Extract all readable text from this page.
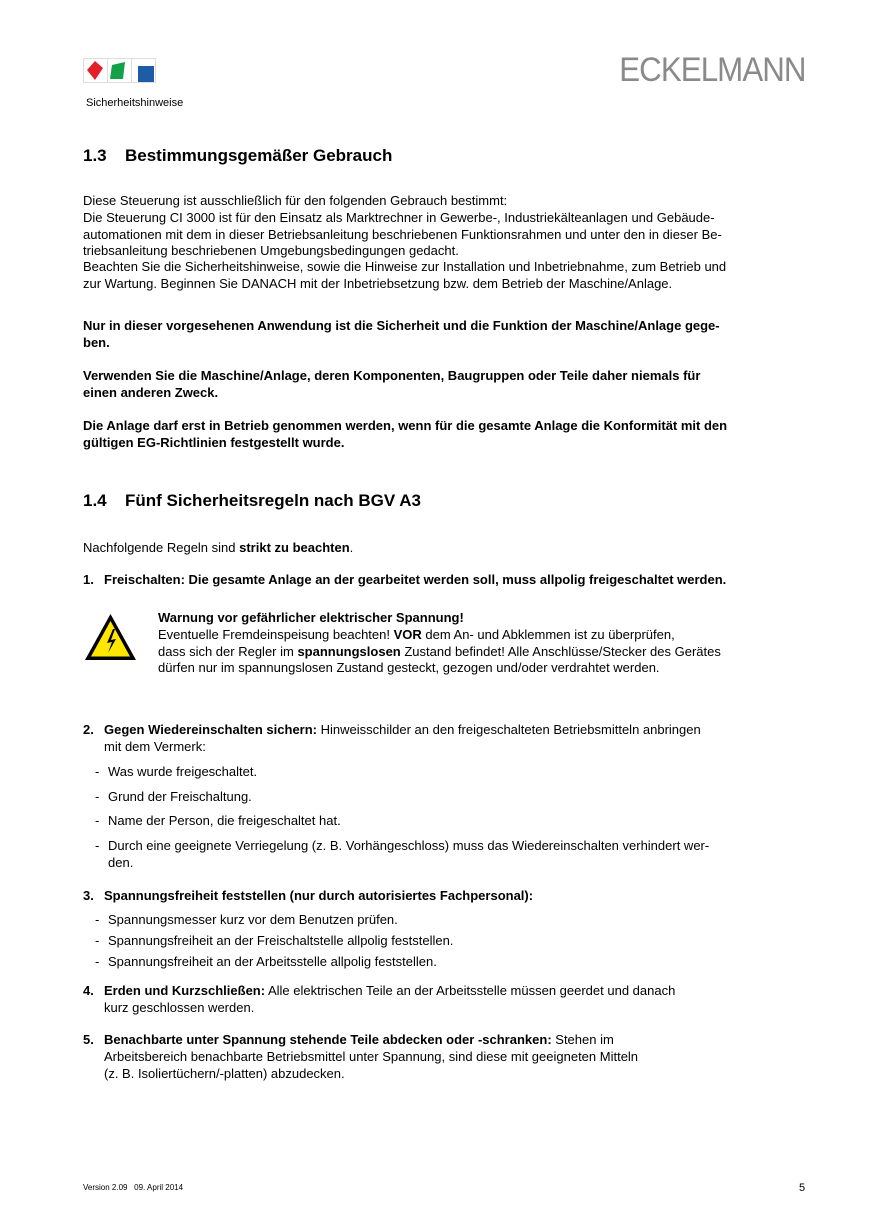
ECKELMANN
Sicherheitshinweise
1.3 Bestimmungsgemäßer Gebrauch
Diese Steuerung ist ausschließlich für den folgenden Gebrauch bestimmt:
Die Steuerung CI 3000 ist für den Einsatz als Marktrechner in Gewerbe-, Industriekälteanlagen und Gebäude-
automationen mit dem in dieser Betriebsanleitung beschriebenen Funktionsrahmen und unter den in dieser Be-
triebsanleitung beschriebenen Umgebungsbedingungen gedacht.
Beachten Sie die Sicherheitshinweise, sowie die Hinweise zur Installation und Inbetriebnahme, zum Betrieb und
zur Wartung. Beginnen Sie DANACH mit der Inbetriebsetzung bzw. dem Betrieb der Maschine/Anlage.
Nur in dieser vorgesehenen Anwendung ist die Sicherheit und die Funktion der Maschine/Anlage gege-
ben.
Verwenden Sie die Maschine/Anlage, deren Komponenten, Baugruppen oder Teile daher niemals für
einen anderen Zweck.
Die Anlage darf erst in Betrieb genommen werden, wenn für die gesamte Anlage die Konformität mit den
gültigen EG-Richtlinien festgestellt wurde.
1.4 Fünf Sicherheitsregeln nach BGV A3
Nachfolgende Regeln sind strikt zu beachten.
1. Freischalten: Die gesamte Anlage an der gearbeitet werden soll, muss allpolig freigeschaltet werden.
Warnung vor gefährlicher elektrischer Spannung!
Eventuelle Fremdeinspeisung beachten! VOR dem An- und Abklemmen ist zu überprüfen,
dass sich der Regler im spannungslosen Zustand befindet! Alle Anschlüsse/Stecker des Gerätes
dürfen nur im spannungslosen Zustand gesteckt, gezogen und/oder verdrahtet werden.
2. Gegen Wiedereinschalten sichern: Hinweisschilder an den freigeschalteten Betriebsmitteln anbringen
mit dem Vermerk:
- Was wurde freigeschaltet.
- Grund der Freischaltung.
- Name der Person, die freigeschaltet hat.
- Durch eine geeignete Verriegelung (z. B. Vorhängeschloss) muss das Wiedereinschalten verhindert wer-
den.
3. Spannungsfreiheit feststellen (nur durch autorisiertes Fachpersonal):
- Spannungsmesser kurz vor dem Benutzen prüfen.
- Spannungsfreiheit an der Freischaltstelle allpolig feststellen.
- Spannungsfreiheit an der Arbeitsstelle allpolig feststellen.
4. Erden und Kurzschließen: Alle elektrischen Teile an der Arbeitsstelle müssen geerdet und danach
kurz geschlossen werden.
5. Benachbarte unter Spannung stehende Teile abdecken oder -schranken: Stehen im
Arbeitsbereich benachbarte Betriebsmittel unter Spannung, sind diese mit geeigneten Mitteln
(z. B. Isoliertüchern/-platten) abzudecken.
Version 2.09   09. April 2014	5
